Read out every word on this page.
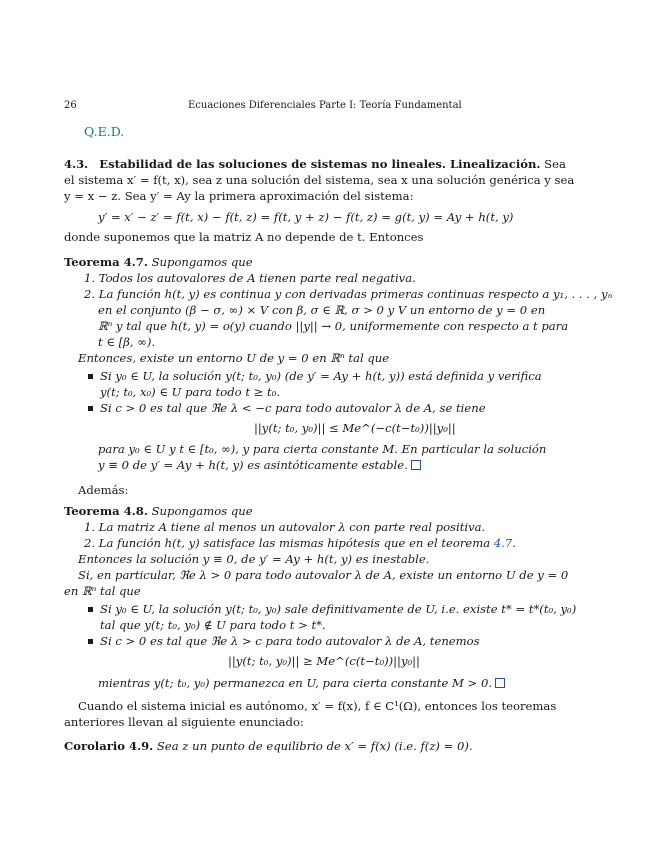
26	Ecuaciones Diferenciales Parte I: Teoría Fundamental
Q.E.D.
4.3. Estabilidad de las soluciones de sistemas no lineales. Linealización. Sea
el sistema x′ = f(t, x), sea z una solución del sistema, sea x una solución genérica y sea
y = x − z. Sea y′ = Ay la primera aproximación del sistema:
y′ = x′ − z′ = f(t, x) − f(t, z) = f(t, y + z) − f(t, z) = g(t, y) = Ay + h(t, y)
donde suponemos que la matriz A no depende de t. Entonces
Teorema 4.7. Supongamos que
1. Todos los autovalores de A tienen parte real negativa.
2. La función h(t, y) es continua y con derivadas primeras continuas respecto a y₁, . . . , yₙ
en el conjunto (β − σ, ∞) × V con β, σ ∈ ℝ, σ > 0 y V un entorno de y = 0 en
ℝⁿ y tal que h(t, y) = o(y) cuando ||y|| → 0, uniformemente con respecto a t para
t ∈ [β, ∞).
Entonces, existe un entorno U de y = 0 en ℝⁿ tal que
Si y₀ ∈ U, la solución y(t; t₀, y₀) (de y′ = Ay + h(t, y)) está definida y verifica
y(t; t₀, x₀) ∈ U para todo t ≥ t₀.
Si c > 0 es tal que ℜe λ < −c para todo autovalor λ de A, se tiene
||y(t; t₀, y₀)|| ≤ Me^(−c(t−t₀))||y₀||
para y₀ ∈ U y t ∈ [t₀, ∞), y para cierta constante M. En particular la solución
y ≡ 0 de y′ = Ay + h(t, y) es asintóticamente estable.
Además:
Teorema 4.8. Supongamos que
1. La matriz A tiene al menos un autovalor λ con parte real positiva.
2. La función h(t, y) satisface las mismas hipótesis que en el teorema 4.7.
Entonces la solución y ≡ 0, de y′ = Ay + h(t, y) es inestable.
Si, en particular, ℜe λ > 0 para todo autovalor λ de A, existe un entorno U de y = 0
en ℝⁿ tal que
Si y₀ ∈ U, la solución y(t; t₀, y₀) sale definitivamente de U, i.e. existe t* = t*(t₀, y₀)
tal que y(t; t₀, y₀) ∉ U para todo t > t*.
Si c > 0 es tal que ℜe λ > c para todo autovalor λ de A, tenemos
||y(t; t₀, y₀)|| ≥ Me^(c(t−t₀))||y₀||
mientras y(t; t₀, y₀) permanezca en U, para cierta constante M > 0.
Cuando el sistema inicial es autónomo, x′ = f(x), f ∈ C¹(Ω), entonces los teoremas
anteriores llevan al siguiente enunciado:
Corolario 4.9. Sea z un punto de equilibrio de x′ = f(x) (i.e. f(z) = 0).
